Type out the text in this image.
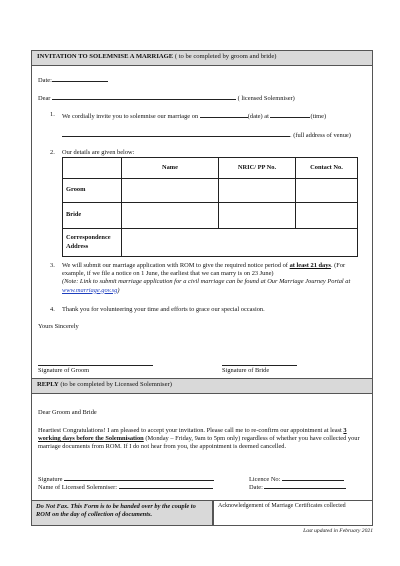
INVITATION TO SOLEMNISE A MARRIAGE ( to be completed by groom and bride)
Date:
Dear	( licensed Solemniser)
1. We cordially invite you to solemnise our marriage on	(date) at	(time)
. (full address of venue)
2. Our details are given below:
	Name	NRIC/ PP No.	Contact No.
Groom			
Bride			
Correspondence Address			
3. We will submit our marriage application with ROM to give the required notice period of at least 21 days. (For example, if we file a notice on 1 June, the earliest that we can marry is on 23 June)
(Note: Link to submit marriage application for a civil marriage can be found at Our Marriage Journey Portal at www.marriage.gov.sg)
4. Thank you for volunteering your time and efforts to grace our special occasion.
Yours Sincerely
Signature of Groom	Signature of Bride
REPLY (to be completed by Licensed Solemniser)
Dear Groom and Bride
Heartiest Congratulations! I am pleased to accept your invitation. Please call me to re-confirm our appointment at least 3 working days before the Solemnisation (Monday – Friday, 9am to 5pm only) regardless of whether you have collected your marriage documents from ROM. If I do not hear from you, the appointment is deemed cancelled.
Signature
Name of Licensed Solemniser:
Licence No:
Date:
Do Not Fax. This Form is to be handed over by the couple to ROM on the day of collection of documents.
Acknowledgement of Marriage Certificates collected
Last updated in February 2021
